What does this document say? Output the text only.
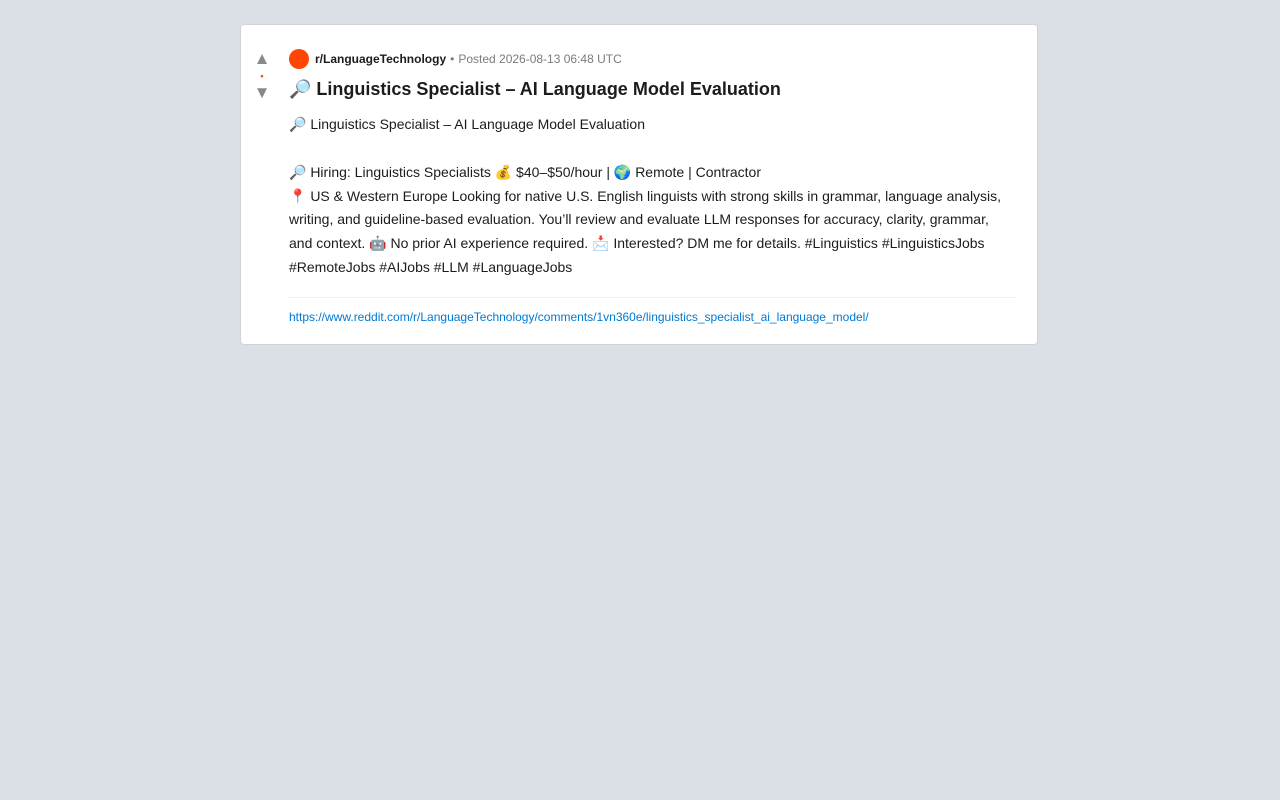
▲
•
▼
r/LanguageTechnology • Posted 2026-08-13 06:48 UTC
🔎 Linguistics Specialist – AI Language Model Evaluation

🔎 Linguistics Specialist – AI Language Model Evaluation

🔎 Hiring: Linguistics Specialists 💰 $40–$50/hour | 🌍 Remote | Contractor

📍 US & Western Europe Looking for native U.S. English linguists with strong skills in grammar, language analysis, writing, and guideline-based evaluation. You’ll review and evaluate LLM responses for accuracy, clarity, grammar, and context. 🤖 No prior AI experience required. 📩 Interested? DM me for details. #Linguistics #LinguisticsJobs #RemoteJobs #AIJobs #LLM #LanguageJobs

https://www.reddit.com/r/LanguageTechnology/comments/1vn360e/linguistics_specialist_ai_language_model/
